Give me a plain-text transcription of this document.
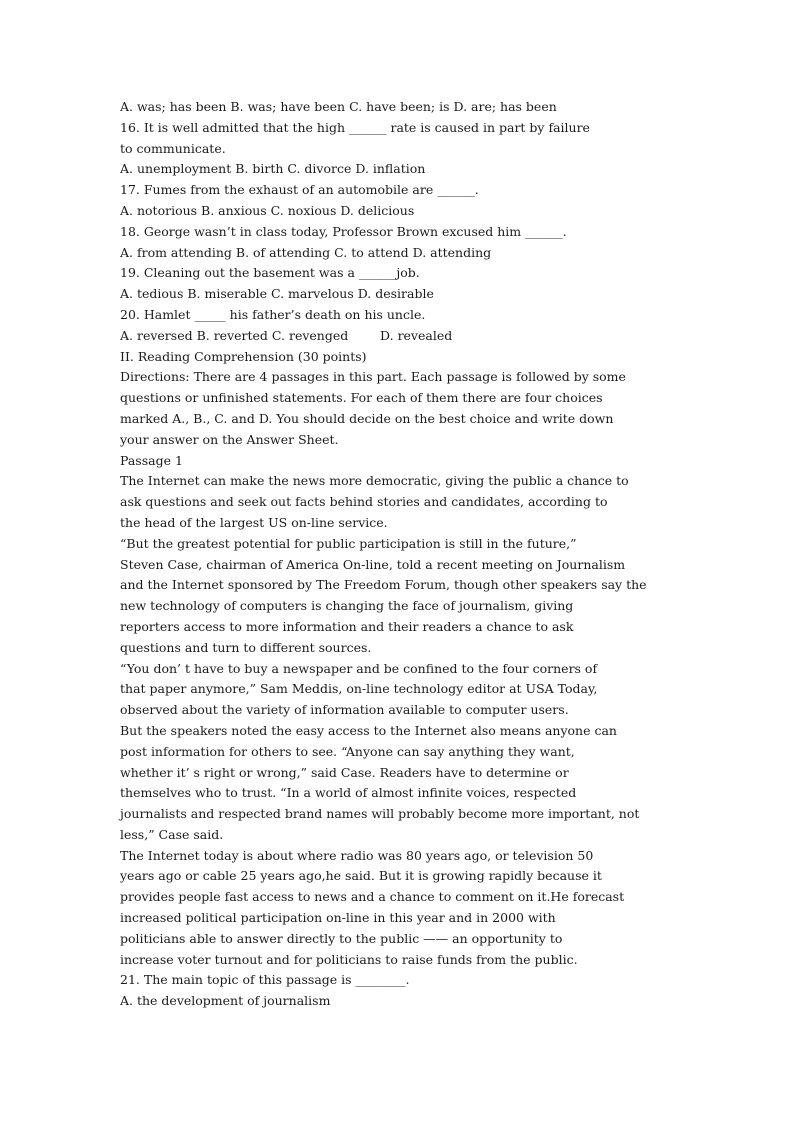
A. was; has been B. was; have been C. have been; is D. are; has been
16. It is well admitted that the high ______ rate is caused in part by failure
to communicate.
A. unemployment B. birth C. divorce D. inflation
17. Fumes from the exhaust of an automobile are ______.
A. notorious B. anxious C. noxious D. delicious
18. George wasn’t in class today, Professor Brown excused him ______.
A. from attending B. of attending C. to attend D. attending
19. Cleaning out the basement was a ______job.
A. tedious B. miserable C. marvelous D. desirable
20. Hamlet _____ his father’s death on his uncle.
A. reversed B. reverted C. revenged        D. revealed
II. Reading Comprehension (30 points)
Directions: There are 4 passages in this part. Each passage is followed by some
questions or unfinished statements. For each of them there are four choices
marked A., B., C. and D. You should decide on the best choice and write down
your answer on the Answer Sheet.
Passage 1
The Internet can make the news more democratic, giving the public a chance to
ask questions and seek out facts behind stories and candidates, according to
the head of the largest US on-line service.
“But the greatest potential for public participation is still in the future,”
Steven Case, chairman of America On-line, told a recent meeting on Journalism
and the Internet sponsored by The Freedom Forum, though other speakers say the
new technology of computers is changing the face of journalism, giving
reporters access to more information and their readers a chance to ask
questions and turn to different sources.
“You don’ t have to buy a newspaper and be confined to the four corners of
that paper anymore,” Sam Meddis, on-line technology editor at USA Today,
observed about the variety of information available to computer users.
But the speakers noted the easy access to the Internet also means anyone can
post information for others to see. “Anyone can say anything they want,
whether it’ s right or wrong,” said Case. Readers have to determine or
themselves who to trust. “In a world of almost infinite voices, respected
journalists and respected brand names will probably become more important, not
less,” Case said.
The Internet today is about where radio was 80 years ago, or television 50
years ago or cable 25 years ago,he said. But it is growing rapidly because it
provides people fast access to news and a chance to comment on it.He forecast
increased political participation on-line in this year and in 2000 with
politicians able to answer directly to the public —— an opportunity to
increase voter turnout and for politicians to raise funds from the public.
21. The main topic of this passage is ________.
A. the development of journalism
